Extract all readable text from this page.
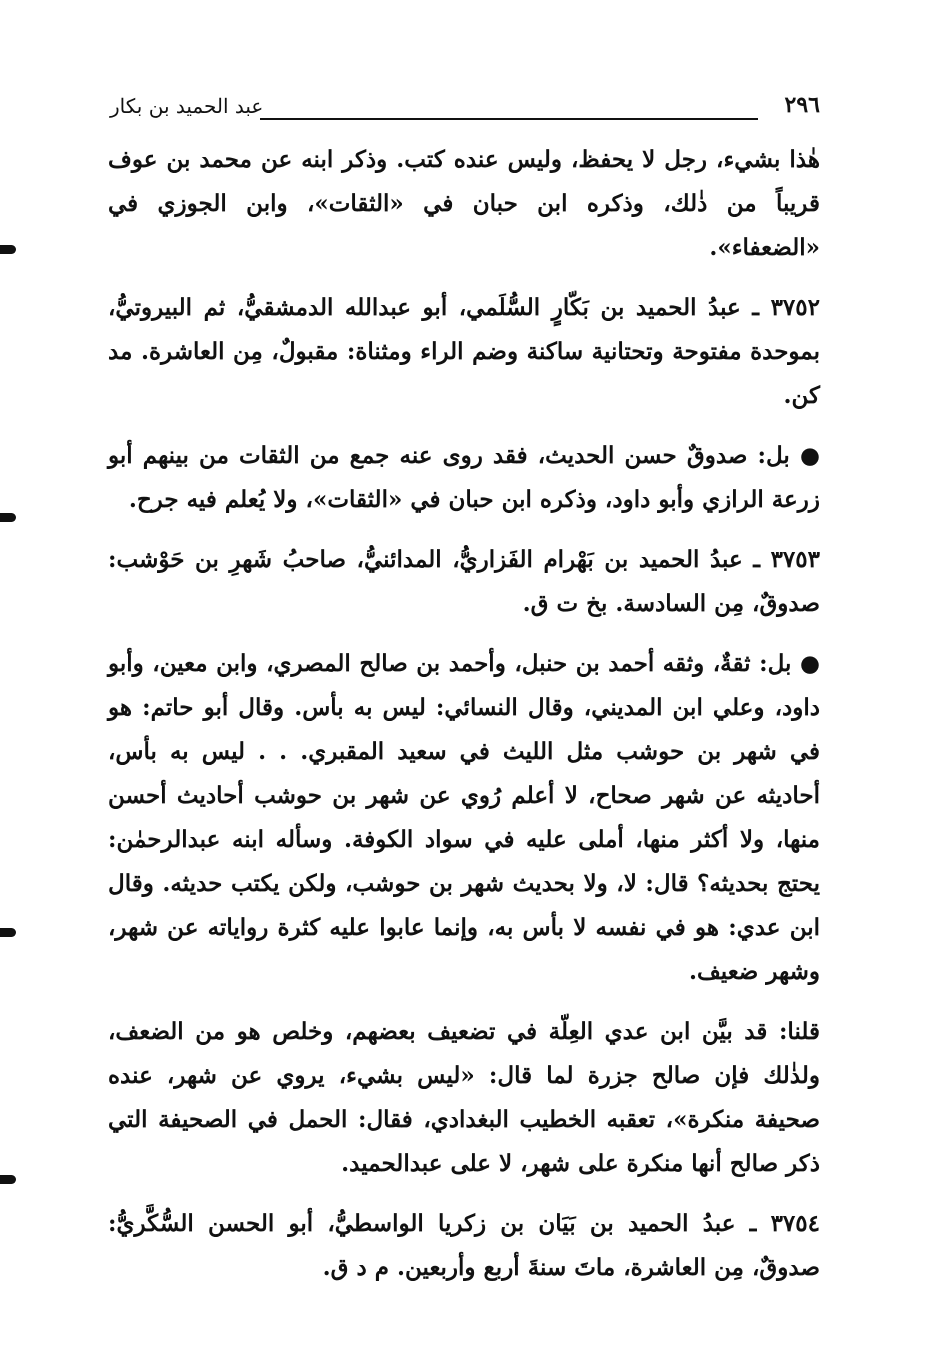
٢٩٦
عبد الحميد بن بكار

هٰذا بشيء، رجل لا يحفظ، وليس عنده كتب. وذكر ابنه عن محمد بن عوف قريباً من ذٰلك، وذكره ابن حبان في «الثقات»، وابن الجوزي في «الضعفاء».

٣٧٥٢ ـ عبدُ الحميد بن بَكّارٍ السُّلَمي، أبو عبدالله الدمشقيُّ، ثم البيروتيُّ، بموحدة مفتوحة وتحتانية ساكنة وضم الراء ومثناة: مقبولٌ، مِن العاشرة. مد كن.

● بل: صدوقٌ حسن الحديث، فقد روى عنه جمع من الثقات من بينهم أبو زرعة الرازي وأبو داود، وذكره ابن حبان في «الثقات»، ولا يُعلم فيه جرح.

٣٧٥٣ ـ عبدُ الحميد بن بَهْرام الفَزاريُّ، المدائنيُّ، صاحبُ شَهرِ بن حَوْشب: صدوقٌ، مِن السادسة. بخ ت ق.

● بل: ثقةٌ، وثقه أحمد بن حنبل، وأحمد بن صالح المصري، وابن معين، وأبو داود، وعلي ابن المديني، وقال النسائي: ليس به بأس. وقال أبو حاتم: هو في شهر بن حوشب مثل الليث في سعيد المقبري. . . ليس به بأس، أحاديثه عن شهر صحاح، لا أعلم رُوي عن شهر بن حوشب أحاديث أحسن منها، ولا أكثر منها، أملى عليه في سواد الكوفة. وسأله ابنه عبدالرحمٰن: يحتج بحديثه؟ قال: لا، ولا بحديث شهر بن حوشب، ولكن يكتب حديثه. وقال ابن عدي: هو في نفسه لا بأس به، وإنما عابوا عليه كثرة رواياته عن شهر، وشهر ضعيف.

قلنا: قد بيَّن ابن عدي العِلّة في تضعيف بعضهم، وخلص هو من الضعف، ولذٰلك فإن صالح جزرة لما قال: «ليس بشيء، يروي عن شهر، عنده صحيفة منكرة»، تعقبه الخطيب البغدادي، فقال: الحمل في الصحيفة التي ذكر صالح أنها منكرة على شهر، لا على عبدالحميد.

٣٧٥٤ ـ عبدُ الحميد بن بَيَان بن زكريا الواسطيُّ، أبو الحسن السُّكَّريُّ: صدوقٌ، مِن العاشرة، ماتَ سنةَ أربع وأربعين. م د ق.
